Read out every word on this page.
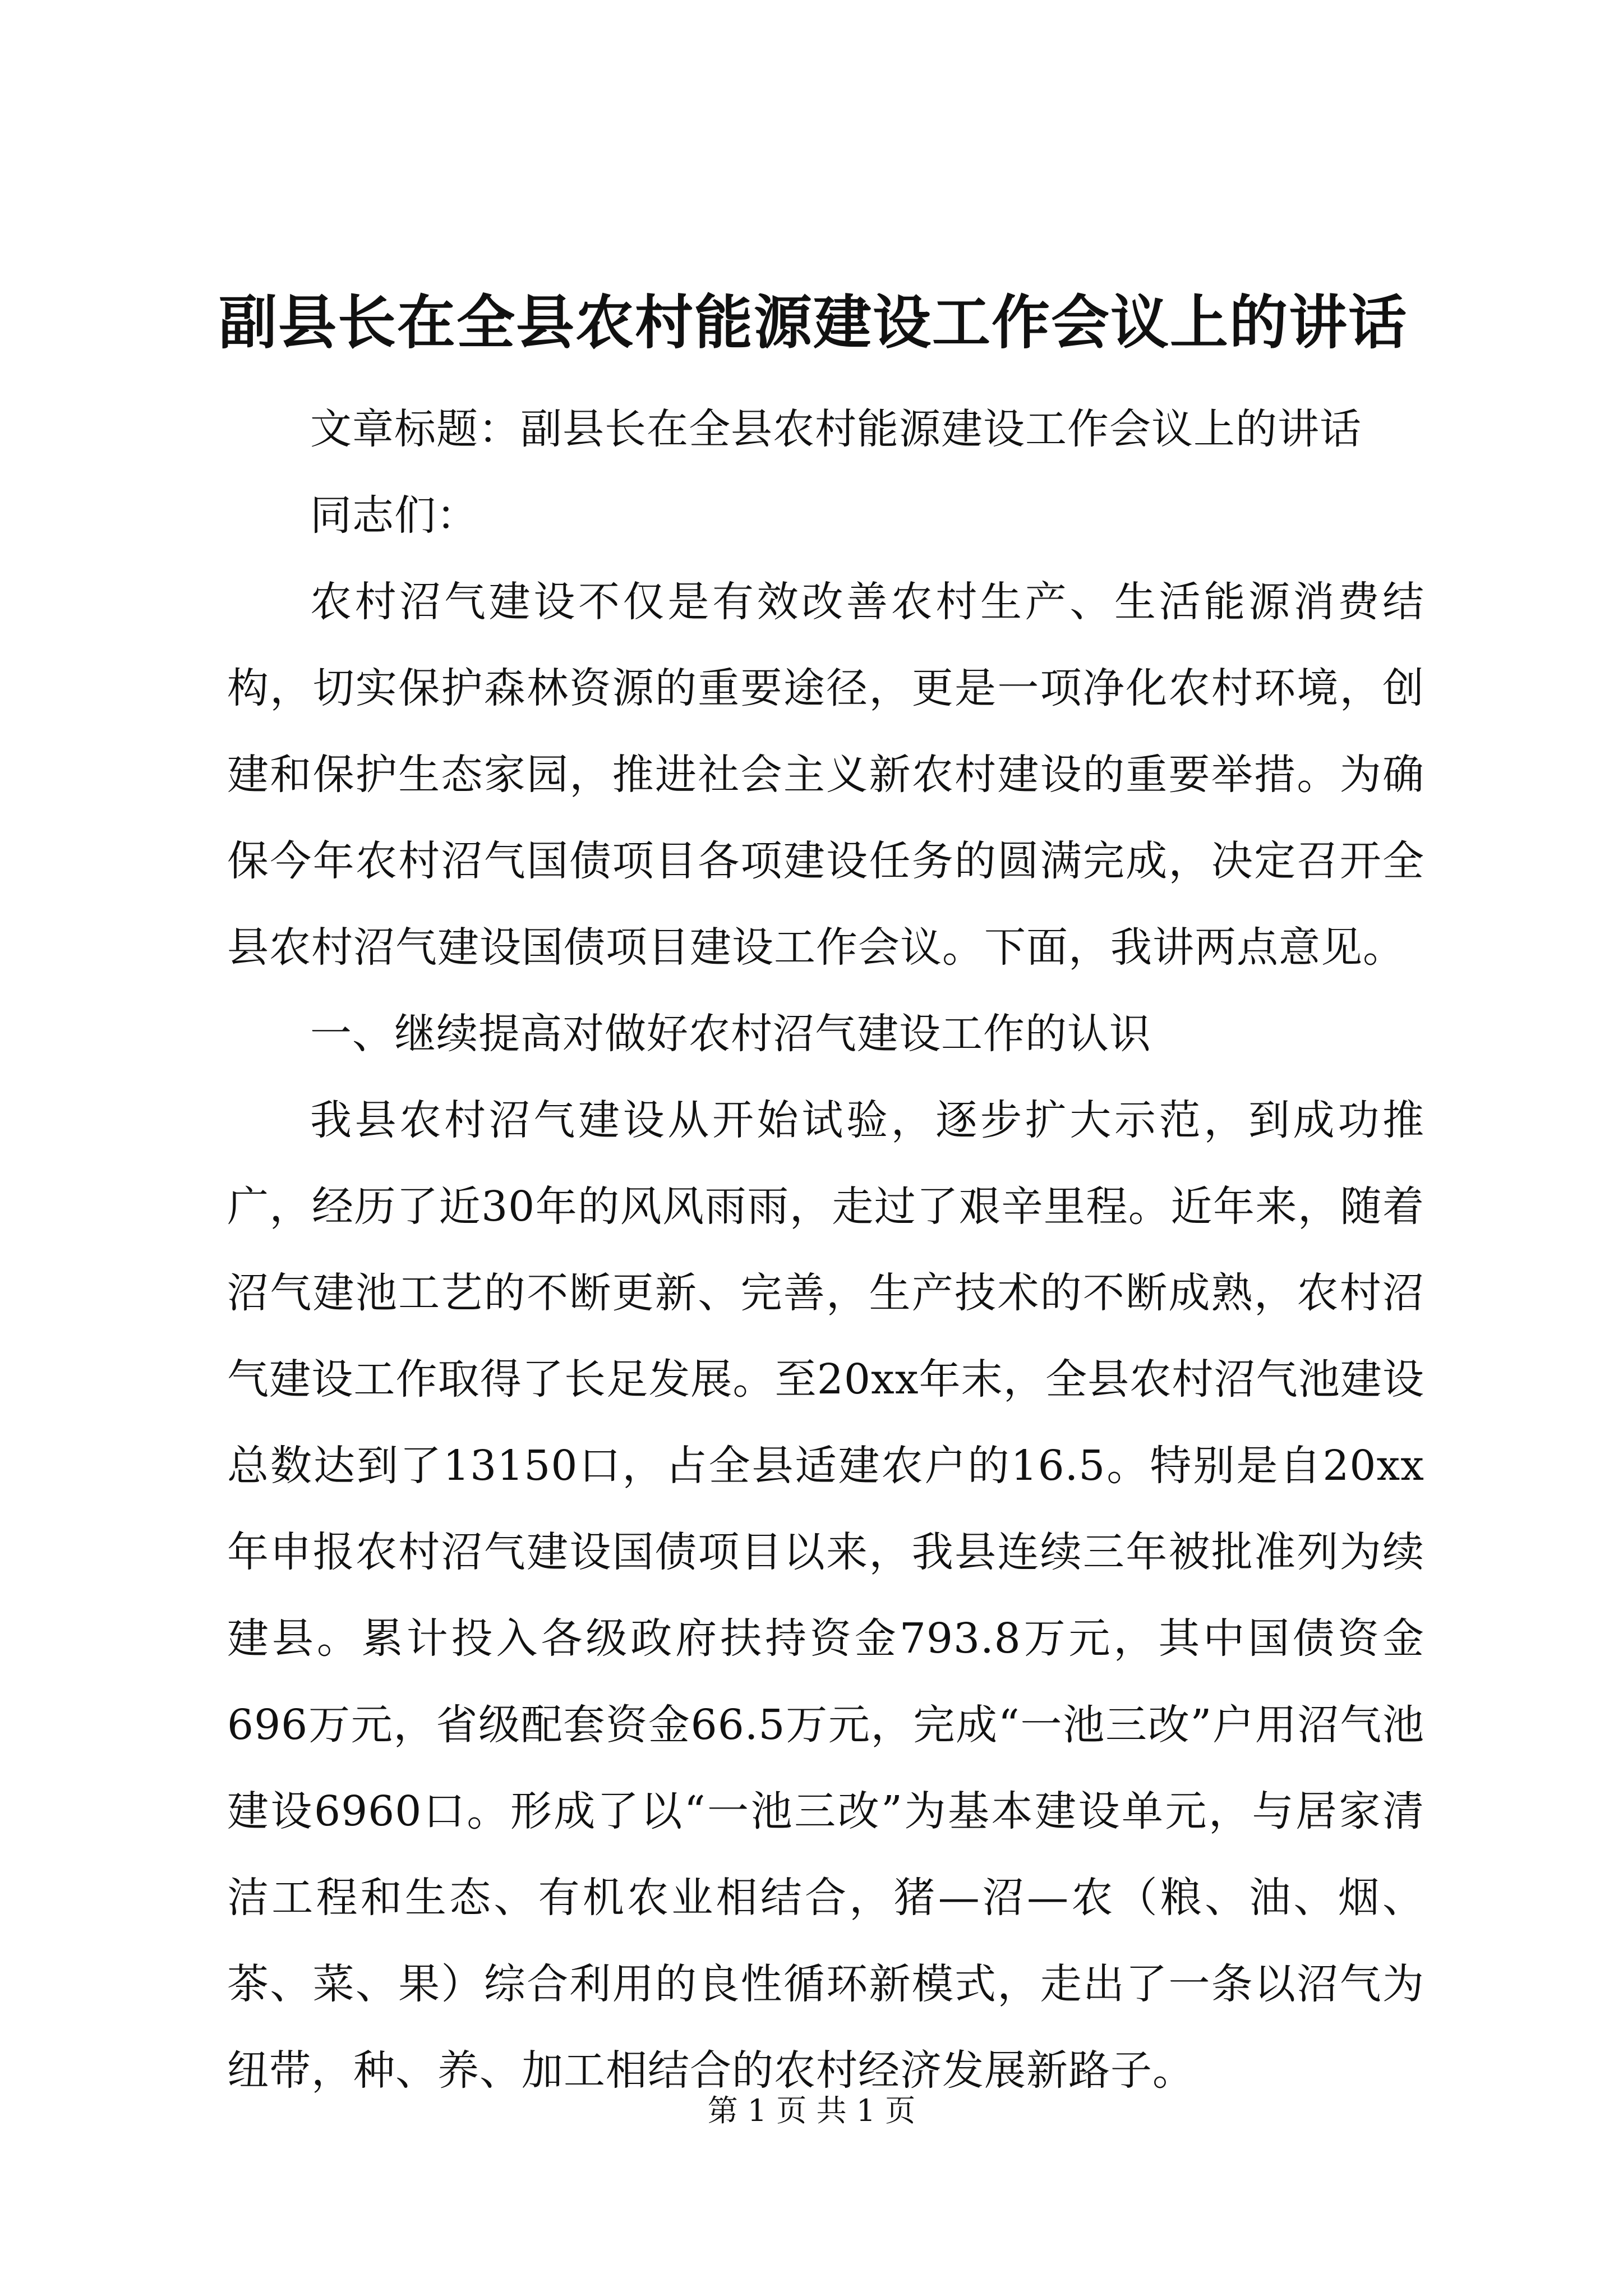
副县长在全县农村能源建设工作会议上的讲话

文章标题：副县长在全县农村能源建设工作会议上的讲话

同志们：

农村沼气建设不仅是有效改善农村生产、生活能源消费结构，切实保护森林资源的重要途径，更是一项净化农村环境，创建和保护生态家园，推进社会主义新农村建设的重要举措。为确保今年农村沼气国债项目各项建设任务的圆满完成，决定召开全县农村沼气建设国债项目建设工作会议。下面，我讲两点意见。

一、继续提高对做好农村沼气建设工作的认识

我县农村沼气建设从开始试验，逐步扩大示范，到成功推广，经历了近30年的风风雨雨，走过了艰辛里程。近年来，随着沼气建池工艺的不断更新、完善，生产技术的不断成熟，农村沼气建设工作取得了长足发展。至20xx年末，全县农村沼气池建设总数达到了13150口，占全县适建农户的16.5。特别是自20xx年申报农村沼气建设国债项目以来，我县连续三年被批准列为续建县。累计投入各级政府扶持资金793.8万元，其中国债资金696万元，省级配套资金66.5万元，完成“一池三改”户用沼气池建设6960口。形成了以“一池三改”为基本建设单元，与居家清洁工程和生态、有机农业相结合，猪—沼—农（粮、油、烟、茶、菜、果）综合利用的良性循环新模式，走出了一条以沼气为纽带，种、养、加工相结合的农村经济发展新路子。

第 1 页 共 1 页
